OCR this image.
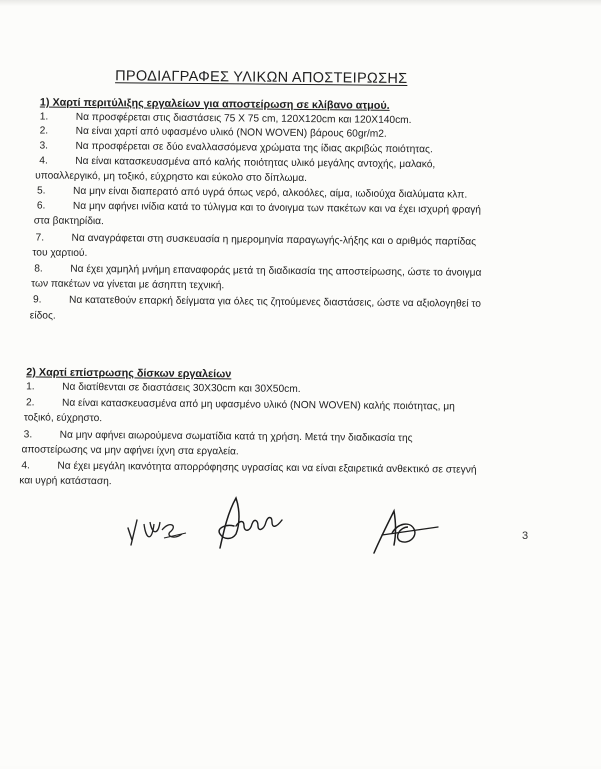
ΠΡΟΔΙΑΓΡΑΦΕΣ ΥΛΙΚΩΝ ΑΠΟΣΤΕΙΡΩΣΗΣ
1) Χαρτί περιτύλιξης εργαλείων για αποστείρωση σε κλίβανο ατμού.
1.	Να προσφέρεται στις διαστάσεις 75 Χ 75 cm, 120Χ120cm και 120Χ140cm.
2.	Να είναι χαρτί από υφασμένο υλικό (NON WOVEN) βάρους 60gr/m2.
3.	Να προσφέρεται σε δύο εναλλασσόμενα χρώματα της ίδιας ακριβώς ποιότητας.
4.	Να είναι κατασκευασμένα από καλής ποιότητας υλικό μεγάλης αντοχής, μαλακό,
υποαλλεργικό, μη τοξικό, εύχρηστο και εύκολο στο δίπλωμα.
5.	Να μην είναι διαπερατό από υγρά όπως νερό, αλκοόλες, αίμα, ιωδιούχα διαλύματα κλπ.
6.	Να μην αφήνει ινίδια κατά το τύλιγμα και το άνοιγμα των πακέτων και να έχει ισχυρή φραγή
στα βακτηρίδια.
7.	Να αναγράφεται στη συσκευασία η ημερομηνία παραγωγής-λήξης και ο αριθμός παρτίδας
του χαρτιού.
8.	Να έχει χαμηλή μνήμη επαναφοράς μετά τη διαδικασία της αποστείρωσης, ώστε το άνοιγμα
των πακέτων να γίνεται με άσηπτη τεχνική.
9.	Να κατατεθούν επαρκή δείγματα για όλες τις ζητούμενες διαστάσεις, ώστε να αξιολογηθεί το
είδος.
2) Χαρτί επίστρωσης δίσκων εργαλείων
1.	Να διατίθενται σε διαστάσεις 30Χ30cm και 30Χ50cm.
2.	Να είναι κατασκευασμένα από μη υφασμένο υλικό (NON WOVEN) καλής ποιότητας, μη
τοξικό, εύχρηστο.
3.	Να μην αφήνει αιωρούμενα σωματίδια κατά τη χρήση. Μετά την διαδικασία της
αποστείρωσης να μην αφήνει ίχνη στα εργαλεία.
4.	Να έχει μεγάλη ικανότητα απορρόφησης υγρασίας και να είναι εξαιρετικά ανθεκτικό σε στεγνή
και υγρή κατάσταση.
3
